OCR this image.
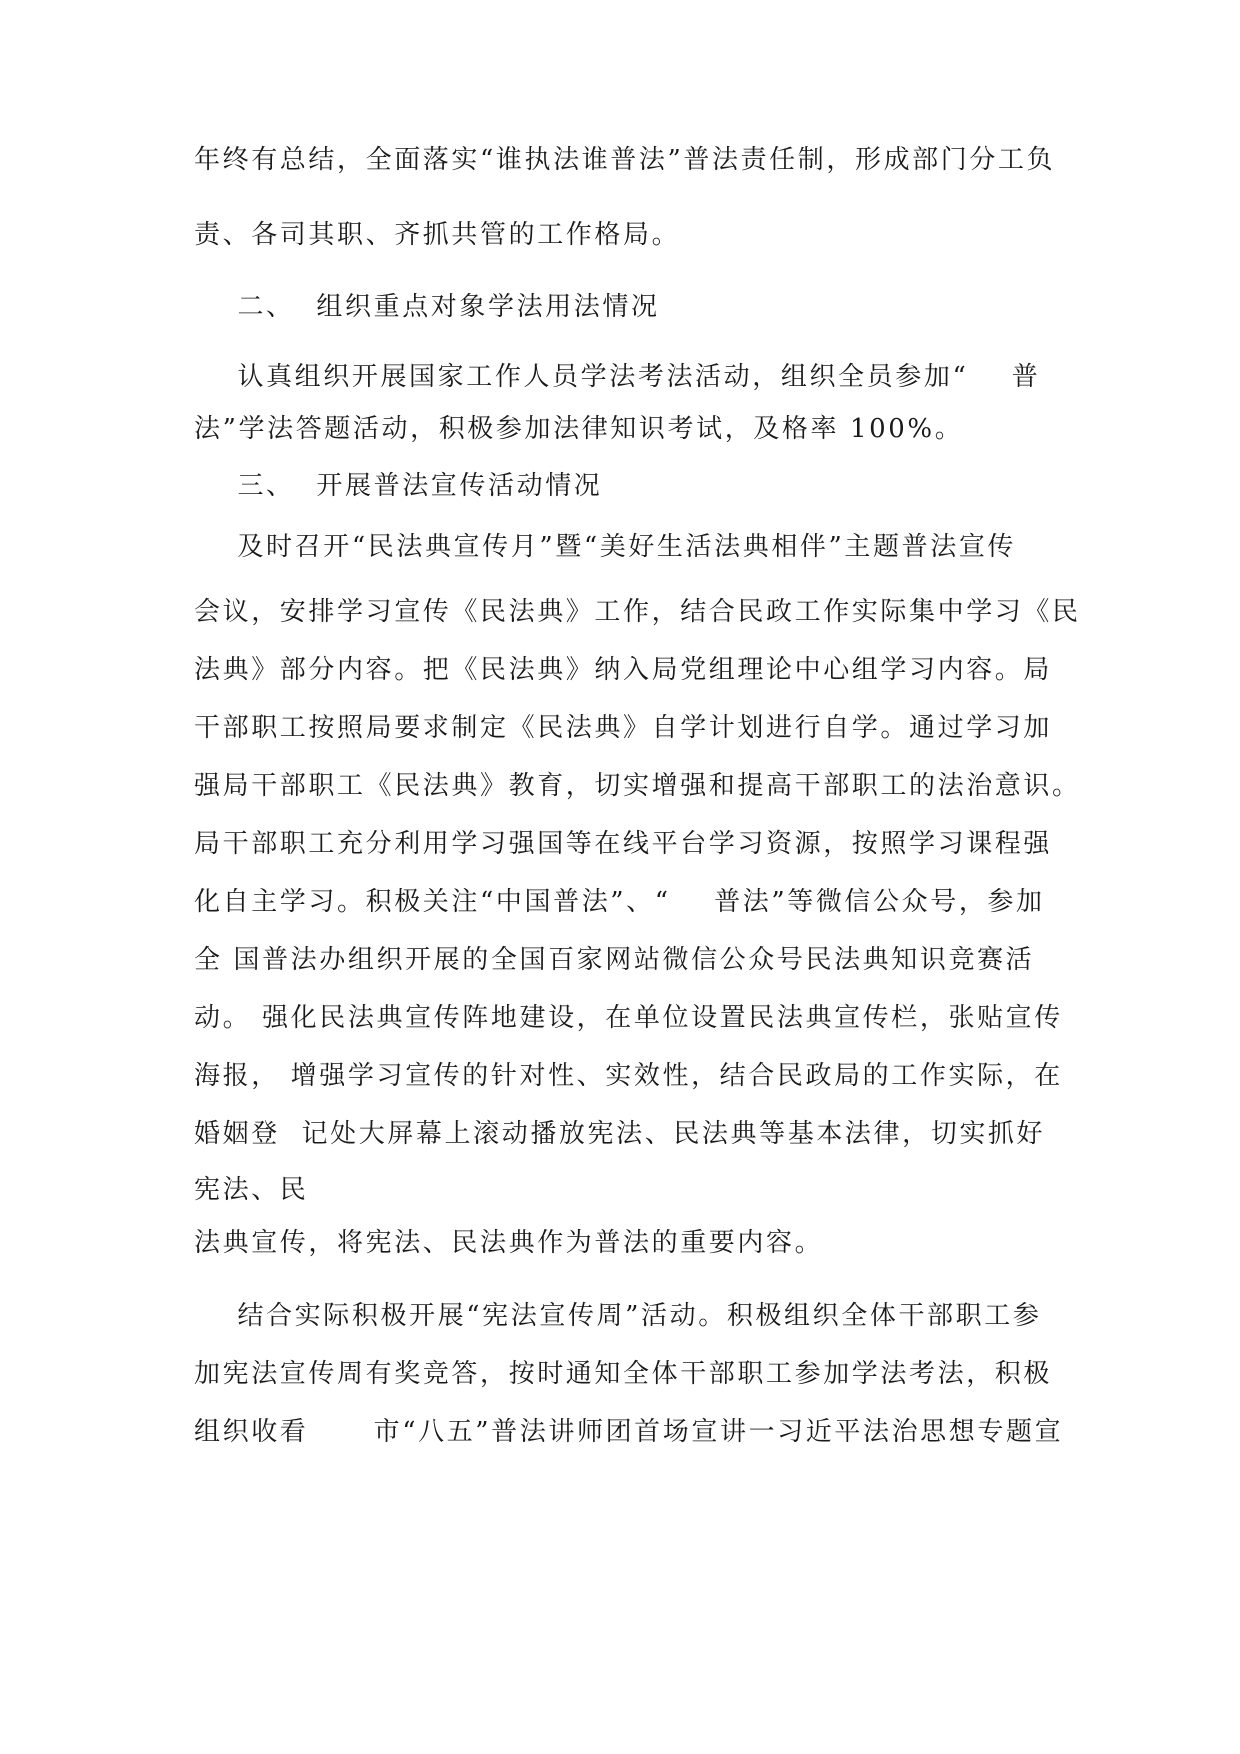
年终有总结，全面落实“谁执法谁普法”普法责任制，形成部门分工负
责、各司其职、齐抓共管的工作格局。
二、  组织重点对象学法用法情况
认真组织开展国家工作人员学法考法活动，组织全员参加“    普
法”学法答题活动，积极参加法律知识考试，及格率 100%。
三、  开展普法宣传活动情况
及时召开“民法典宣传月”暨“美好生活法典相伴”主题普法宣传
会议，安排学习宣传《民法典》工作，结合民政工作实际集中学习《民
法典》部分内容。把《民法典》纳入局党组理论中心组学习内容。局
干部职工按照局要求制定《民法典》自学计划进行自学。通过学习加
强局干部职工《民法典》教育，切实增强和提高干部职工的法治意识。
局干部职工充分利用学习强国等在线平台学习资源，按照学习课程强
化自主学习。积极关注“中国普法”、“    普法”等微信公众号，参加
全 国普法办组织开展的全国百家网站微信公众号民法典知识竞赛活
动。 强化民法典宣传阵地建设，在单位设置民法典宣传栏，张贴宣传
海报， 增强学习宣传的针对性、实效性，结合民政局的工作实际，在
婚姻登  记处大屏幕上滚动播放宪法、民法典等基本法律，切实抓好
宪法、民
法典宣传，将宪法、民法典作为普法的重要内容。
结合实际积极开展“宪法宣传周”活动。积极组织全体干部职工参
加宪法宣传周有奖竞答，按时通知全体干部职工参加学法考法，积极
组织收看      市“八五”普法讲师团首场宣讲一习近平法治思想专题宣
